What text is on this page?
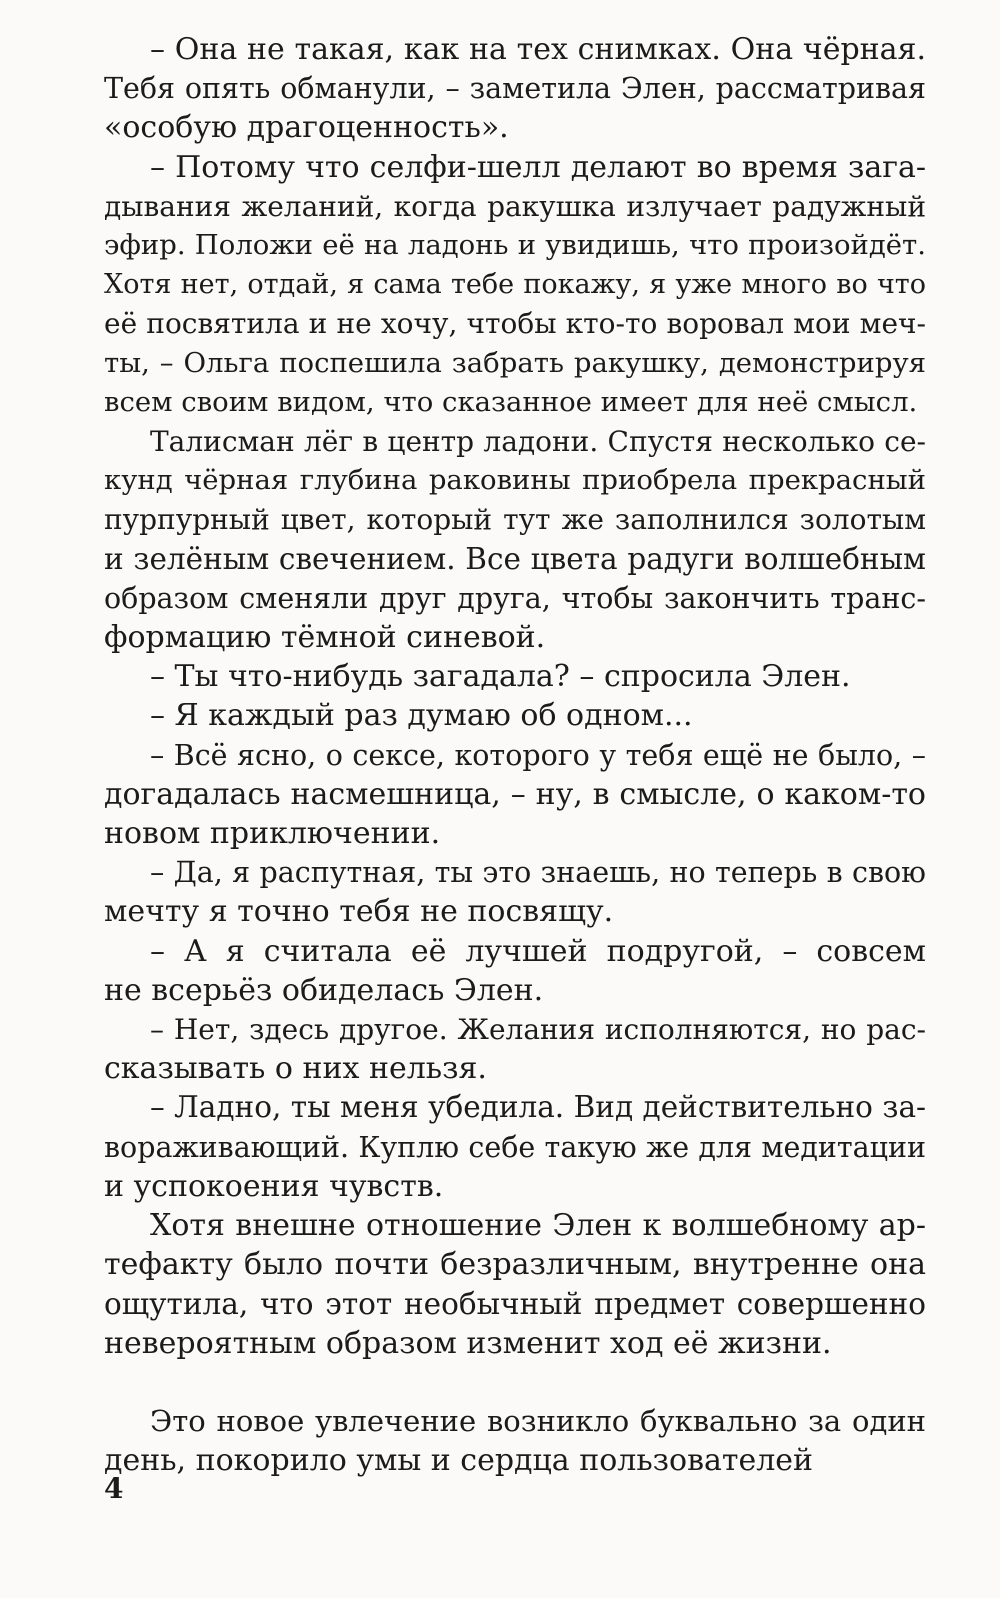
– Она не такая, как на тех снимках. Она чёрная.
Тебя опять обманули, – заметила Элен, рассматривая
«особую драгоценность».
– Потому что селфи-шелл делают во время зага-
дывания желаний, когда ракушка излучает радужный
эфир. Положи её на ладонь и увидишь, что произойдёт.
Хотя нет, отдай, я сама тебе покажу, я уже много во что
её посвятила и не хочу, чтобы кто-то воровал мои меч-
ты, – Ольга поспешила забрать ракушку, демонстрируя
всем своим видом, что сказанное имеет для неё смысл.
Талисман лёг в центр ладони. Спустя несколько се-
кунд чёрная глубина раковины приобрела прекрасный
пурпурный цвет, который тут же заполнился золотым
и зелёным свечением. Все цвета радуги волшебным
образом сменяли друг друга, чтобы закончить транс-
формацию тёмной синевой.
– Ты что-нибудь загадала? – спросила Элен.
– Я каждый раз думаю об одном...
– Всё ясно, о сексе, которого у тебя ещё не было, –
догадалась насмешница, – ну, в смысле, о каком-то
новом приключении.
– Да, я распутная, ты это знаешь, но теперь в свою
мечту я точно тебя не посвящу.
– А я считала её лучшей подругой, – совсем
не всерьёз обиделась Элен.
– Нет, здесь другое. Желания исполняются, но рас-
сказывать о них нельзя.
– Ладно, ты меня убедила. Вид действительно за-
вораживающий. Куплю себе такую же для медитации
и успокоения чувств.
Хотя внешне отношение Элен к волшебному ар-
тефакту было почти безразличным, внутренне она
ощутила, что этот необычный предмет совершенно
невероятным образом изменит ход её жизни.
Это новое увлечение возникло буквально за один
день, покорило умы и сердца пользователей
4
